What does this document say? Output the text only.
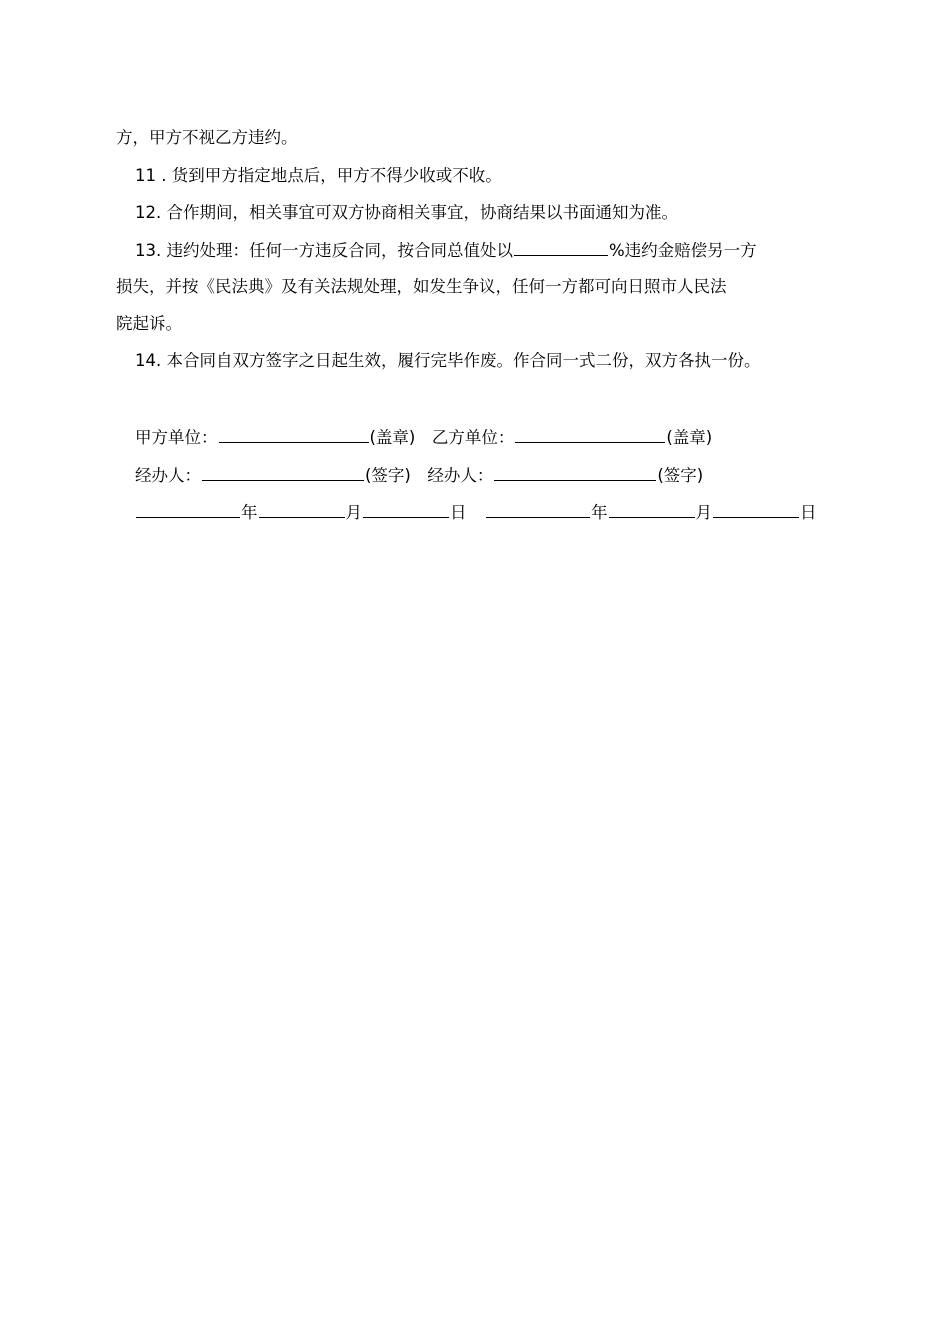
方，甲方不视乙方违约。
11 . 货到甲方指定地点后，甲方不得少收或不收。
12. 合作期间，相关事宜可双方协商相关事宜，协商结果以书面通知为准。
13. 违约处理：任何一方违反合同，按合同总值处以	%违约金赔偿另一方
损失，并按《民法典》及有关法规处理，如发生争议，任何一方都可向日照市人民法
院起诉。
14. 本合同自双方签字之日起生效，履行完毕作废。作合同一式二份，双方各执一份。
甲方单位：	(盖章) 乙方单位：	(盖章)
经办人：	(签字) 经办人：	(签字)
年	月	日	年	月	日
